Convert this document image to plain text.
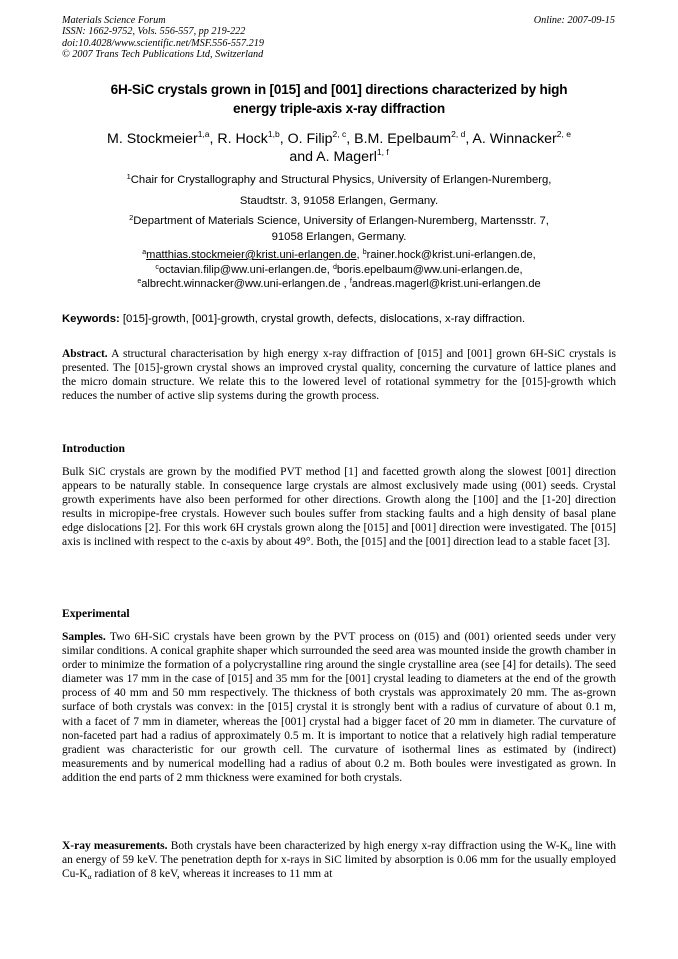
Materials Science Forum
ISSN: 1662-9752, Vols. 556-557, pp 219-222
doi:10.4028/www.scientific.net/MSF.556-557.219
© 2007 Trans Tech Publications Ltd, Switzerland
Online: 2007-09-15
6H-SiC crystals grown in [015] and [001] directions characterized by high
energy triple-axis x-ray diffraction
M. Stockmeier$^{1,a}$, R. Hock$^{1,b}$, O. Filip$^{2, c}$, B.M. Epelbaum$^{2, d}$, A. Winnacker$^{2, e}$
and A. Magerl$^{1, f}$
$^1$Chair for Crystallography and Structural Physics, University of Erlangen-Nuremberg,
Staudtstr. 3, 91058 Erlangen, Germany.
$^2$Department of Materials Science, University of Erlangen-Nuremberg, Martensstr. 7,
91058 Erlangen, Germany.
$^a$matthias.stockmeier@krist.uni-erlangen.de, $^b$rainer.hock@krist.uni-erlangen.de,
$^c$octavian.filip@ww.uni-erlangen.de, $^d$boris.epelbaum@ww.uni-erlangen.de,
$^e$albrecht.winnacker@ww.uni-erlangen.de , $^f$andreas.magerl@krist.uni-erlangen.de
Keywords: [015]-growth, [001]-growth, crystal growth, defects, dislocations, x-ray diffraction.
Abstract. A structural characterisation by high energy x-ray diffraction of [015] and [001] grown 6H-SiC crystals is presented. The [015]-grown crystal shows an improved crystal quality, concerning the curvature of lattice planes and the micro domain structure. We relate this to the lowered level of rotational symmetry for the [015]-growth which reduces the number of active slip systems during the growth process.
Introduction
Bulk SiC crystals are grown by the modified PVT method [1] and facetted growth along the slowest [001] direction appears to be naturally stable. In consequence large crystals are almost exclusively made using (001) seeds. Crystal growth experiments have also been performed for other directions. Growth along the [100] and the [1-20] direction results in micropipe-free crystals. However such boules suffer from stacking faults and a high density of basal plane edge dislocations [2]. For this work 6H crystals grown along the [015] and [001] direction were investigated. The [015] axis is inclined with respect to the c-axis by about 49°. Both, the [015] and the [001] direction lead to a stable facet [3].
Experimental
Samples. Two 6H-SiC crystals have been grown by the PVT process on (015) and (001) oriented seeds under very similar conditions. A conical graphite shaper which surrounded the seed area was mounted inside the growth chamber in order to minimize the formation of a polycrystalline ring around the single crystalline area (see [4] for details). The seed diameter was 17 mm in the case of [015] and 35 mm for the [001] crystal leading to diameters at the end of the growth process of 40 mm and 50 mm respectively. The thickness of both crystals was approximately 20 mm. The as-grown surface of both crystals was convex: in the [015] crystal it is strongly bent with a radius of curvature of about 0.1 m, with a facet of 7 mm in diameter, whereas the [001] crystal had a bigger facet of 20 mm in diameter. The curvature of non-faceted part had a radius of approximately 0.5 m. It is important to notice that a relatively high radial temperature gradient was characteristic for our growth cell. The curvature of isothermal lines as estimated by (indirect) measurements and by numerical modelling had a radius of about 0.2 m. Both boules were investigated as grown. In addition the end parts of 2 mm thickness were examined for both crystals.
X-ray measurements. Both crystals have been characterized by high energy x-ray diffraction using the $W-K_\alpha$ line with an energy of 59 keV. The penetration depth for x-rays in SiC limited by absorption is 0.06 mm for the usually employed $Cu-K_\alpha$ radiation of 8 keV, whereas it increases to 11 mm at
